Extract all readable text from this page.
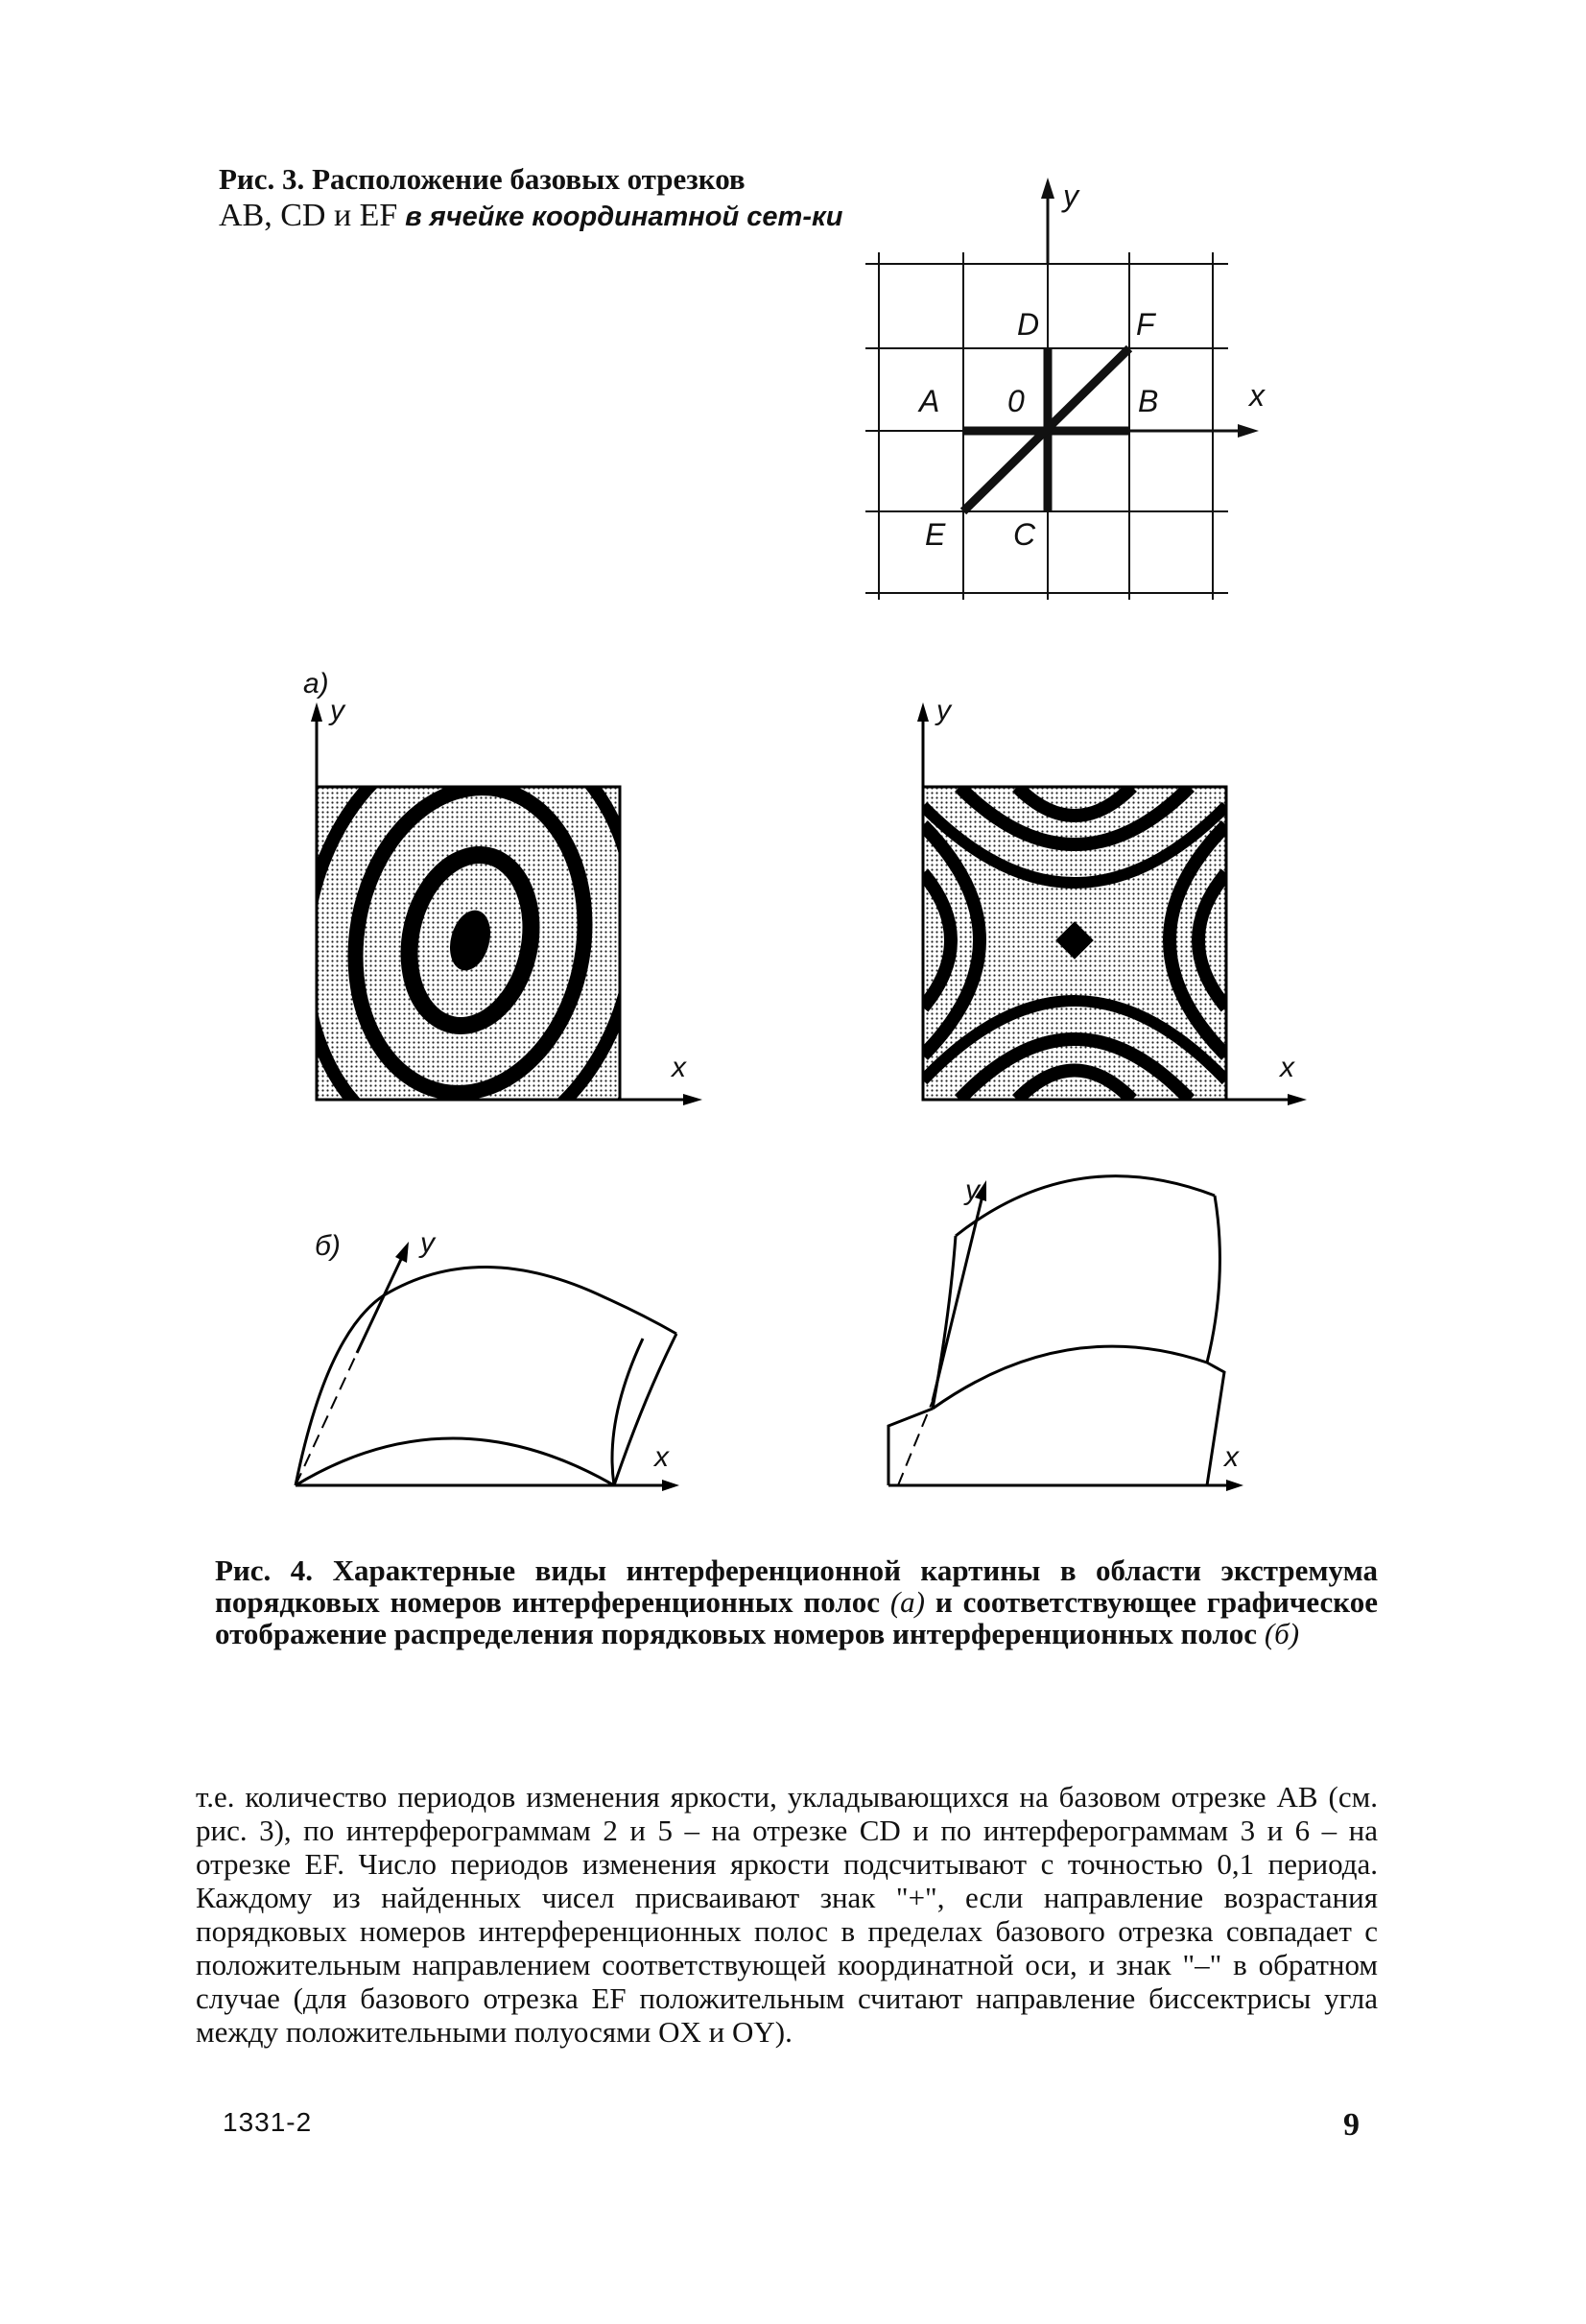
Рис. 3. Расположение базовых отрезков
AB, CD и EF в ячейке координатной сет-ки
y
x
A	B
D	F
0
E C
a)
y
x
y
x
б)	y
x
y
x
Рис. 4. Характерные виды интерференционной картины в области экстремума порядковых номеров интерференционных полос (а) и соответствующее графическое отображение распределения порядковых номеров интерференционных полос (б)
т.е. количество периодов изменения яркости, укладывающихся на базовом отрезке AB (см. рис. 3), по интерферограммам 2 и 5 – на отрезке CD и по интерферограммам 3 и 6 – на отрезке EF. Число периодов изменения яркости подсчитывают с точностью 0,1 периода. Каждому из найденных чисел присваивают знак "+", если направление возрастания порядковых номеров интерференционных полос в пределах базового отрезка совпадает с положительным направлением соответствующей координатной оси, и знак "–" в обратном случае (для базового отрезка EF положительным считают направление биссектрисы угла между положительными полуосями OX и OY).
1331-2	9
